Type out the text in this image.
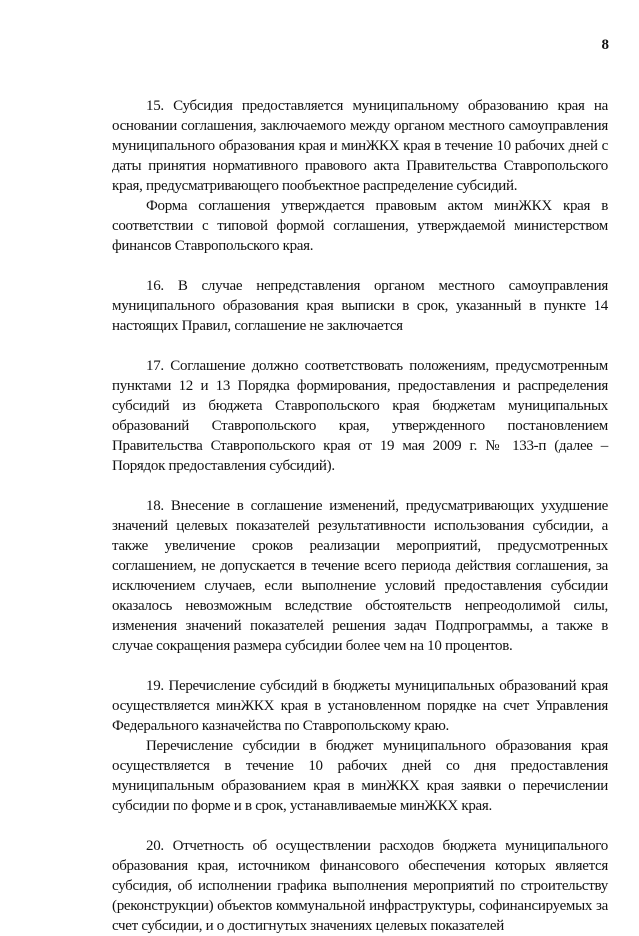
8

15. Субсидия предоставляется муниципальному образованию края на основании соглашения, заключаемого между органом местного самоуправления муниципального образования края и минЖКХ края в течение 10 рабочих дней с даты принятия нормативного правового акта Правительства Ставропольского края, предусматривающего пообъектное распределение субсидий.

Форма соглашения утверждается правовым актом минЖКХ края в соответствии с типовой формой соглашения, утверждаемой министерством финансов Ставропольского края.

16. В случае непредставления органом местного самоуправления муниципального образования края выписки в срок, указанный в пункте 14 настоящих Правил, соглашение не заключается

17. Соглашение должно соответствовать положениям, предусмотренным пунктами 12 и 13 Порядка формирования, предоставления и распределения субсидий из бюджета Ставропольского края бюджетам муниципальных образований Ставропольского края, утвержденного постановлением Правительства Ставропольского края от 19 мая 2009 г. № 133-п (далее – Порядок предоставления субсидий).

18. Внесение в соглашение изменений, предусматривающих ухудшение значений целевых показателей результативности использования субсидии, а также увеличение сроков реализации мероприятий, предусмотренных соглашением, не допускается в течение всего периода действия соглашения, за исключением случаев, если выполнение условий предоставления субсидии оказалось невозможным вследствие обстоятельств непреодолимой силы, изменения значений показателей решения задач Подпрограммы, а также в случае сокращения размера субсидии более чем на 10 процентов.

19. Перечисление субсидий в бюджеты муниципальных образований края осуществляется минЖКХ края в установленном порядке на счет Управления Федерального казначейства по Ставропольскому краю.

Перечисление субсидии в бюджет муниципального образования края осуществляется в течение 10 рабочих дней со дня предоставления муниципальным образованием края в минЖКХ края заявки о перечислении субсидии по форме и в срок, устанавливаемые минЖКХ края.

20. Отчетность об осуществлении расходов бюджета муниципального образования края, источником финансового обеспечения которых является субсидия, об исполнении графика выполнения мероприятий по строительству (реконструкции) объектов коммунальной инфраструктуры, софинансируемых за счет субсидии, и о достигнутых значениях целевых показателей
